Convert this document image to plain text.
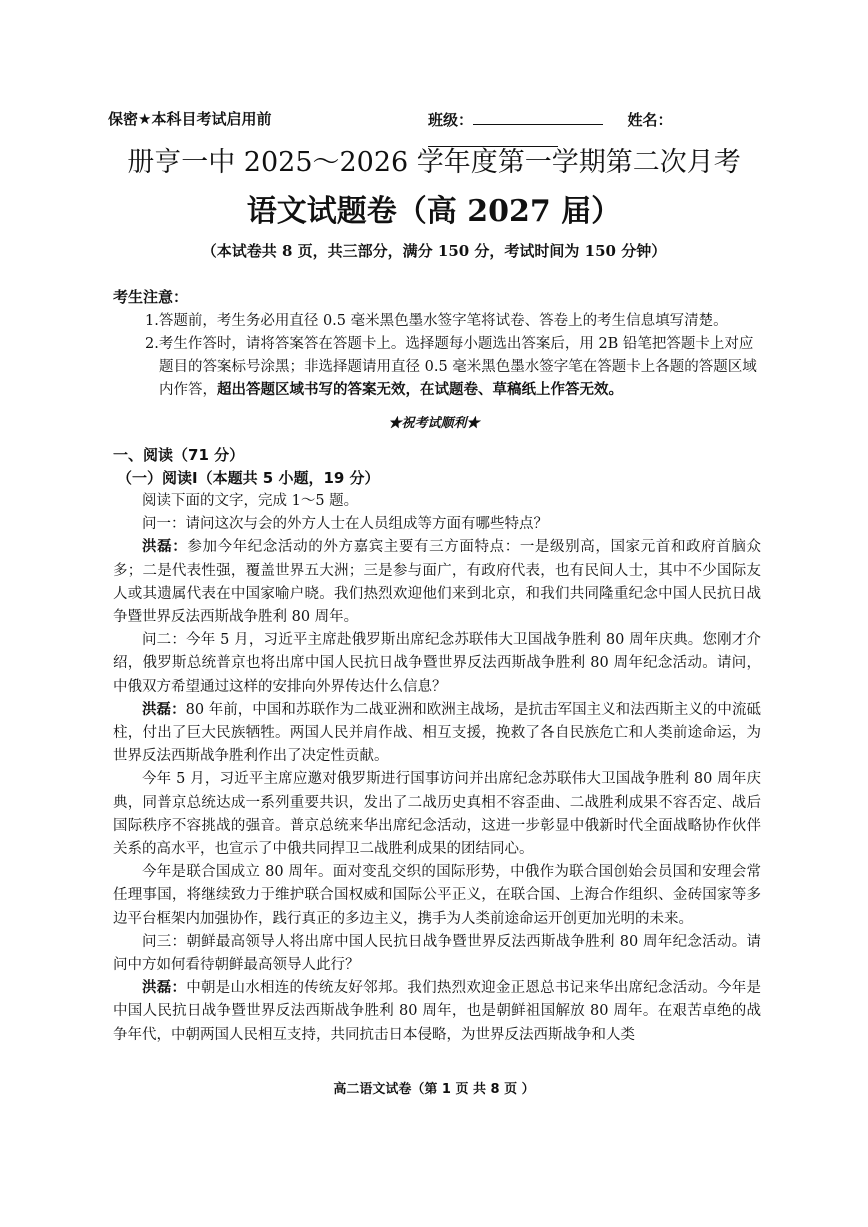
保密★本科目考试启用前	班级：	姓名：
册亨一中 2025～2026 学年度第一学期第二次月考
语文试题卷（高 2027 届）
（本试卷共 8 页，共三部分，满分 150 分，考试时间为 150 分钟）
考生注意：
1.答题前，考生务必用直径 0.5 毫米黑色墨水签字笔将试卷、答卷上的考生信息填写清楚。
2.考生作答时，请将答案答在答题卡上。选择题每小题选出答案后，用 2B 铅笔把答题卡上对应题目的答案标号涂黑；非选择题请用直径 0.5 毫米黑色墨水签字笔在答题卡上各题的答题区域内作答，超出答题区域书写的答案无效，在试题卷、草稿纸上作答无效。
★祝考试顺利★
一、阅读（71 分）
（一）阅读Ⅰ（本题共 5 小题，19 分）

阅读下面的文字，完成 1～5 题。

问一：请问这次与会的外方人士在人员组成等方面有哪些特点？

洪磊：参加今年纪念活动的外方嘉宾主要有三方面特点：一是级别高，国家元首和政府首脑众多；二是代表性强，覆盖世界五大洲；三是参与面广，有政府代表，也有民间人士，其中不少国际友人或其遗属代表在中国家喻户晓。我们热烈欢迎他们来到北京，和我们共同隆重纪念中国人民抗日战争暨世界反法西斯战争胜利 80 周年。

问二：今年 5 月，习近平主席赴俄罗斯出席纪念苏联伟大卫国战争胜利 80 周年庆典。您刚才介绍，俄罗斯总统普京也将出席中国人民抗日战争暨世界反法西斯战争胜利 80 周年纪念活动。请问，中俄双方希望通过这样的安排向外界传达什么信息？

洪磊：80 年前，中国和苏联作为二战亚洲和欧洲主战场，是抗击军国主义和法西斯主义的中流砥柱，付出了巨大民族牺牲。两国人民并肩作战、相互支援，挽救了各自民族危亡和人类前途命运，为世界反法西斯战争胜利作出了决定性贡献。

今年 5 月，习近平主席应邀对俄罗斯进行国事访问并出席纪念苏联伟大卫国战争胜利 80 周年庆典，同普京总统达成一系列重要共识，发出了二战历史真相不容歪曲、二战胜利成果不容否定、战后国际秩序不容挑战的强音。普京总统来华出席纪念活动，这进一步彰显中俄新时代全面战略协作伙伴关系的高水平，也宣示了中俄共同捍卫二战胜利成果的团结同心。

今年是联合国成立 80 周年。面对变乱交织的国际形势，中俄作为联合国创始会员国和安理会常任理事国，将继续致力于维护联合国权威和国际公平正义，在联合国、上海合作组织、金砖国家等多边平台框架内加强协作，践行真正的多边主义，携手为人类前途命运开创更加光明的未来。

问三：朝鲜最高领导人将出席中国人民抗日战争暨世界反法西斯战争胜利 80 周年纪念活动。请问中方如何看待朝鲜最高领导人此行？

洪磊：中朝是山水相连的传统友好邻邦。我们热烈欢迎金正恩总书记来华出席纪念活动。今年是中国人民抗日战争暨世界反法西斯战争胜利 80 周年，也是朝鲜祖国解放 80 周年。在艰苦卓绝的战争年代，中朝两国人民相互支持，共同抗击日本侵略，为世界反法西斯战争和人类

高二语文试卷（第 1 页 共 8 页 ）
